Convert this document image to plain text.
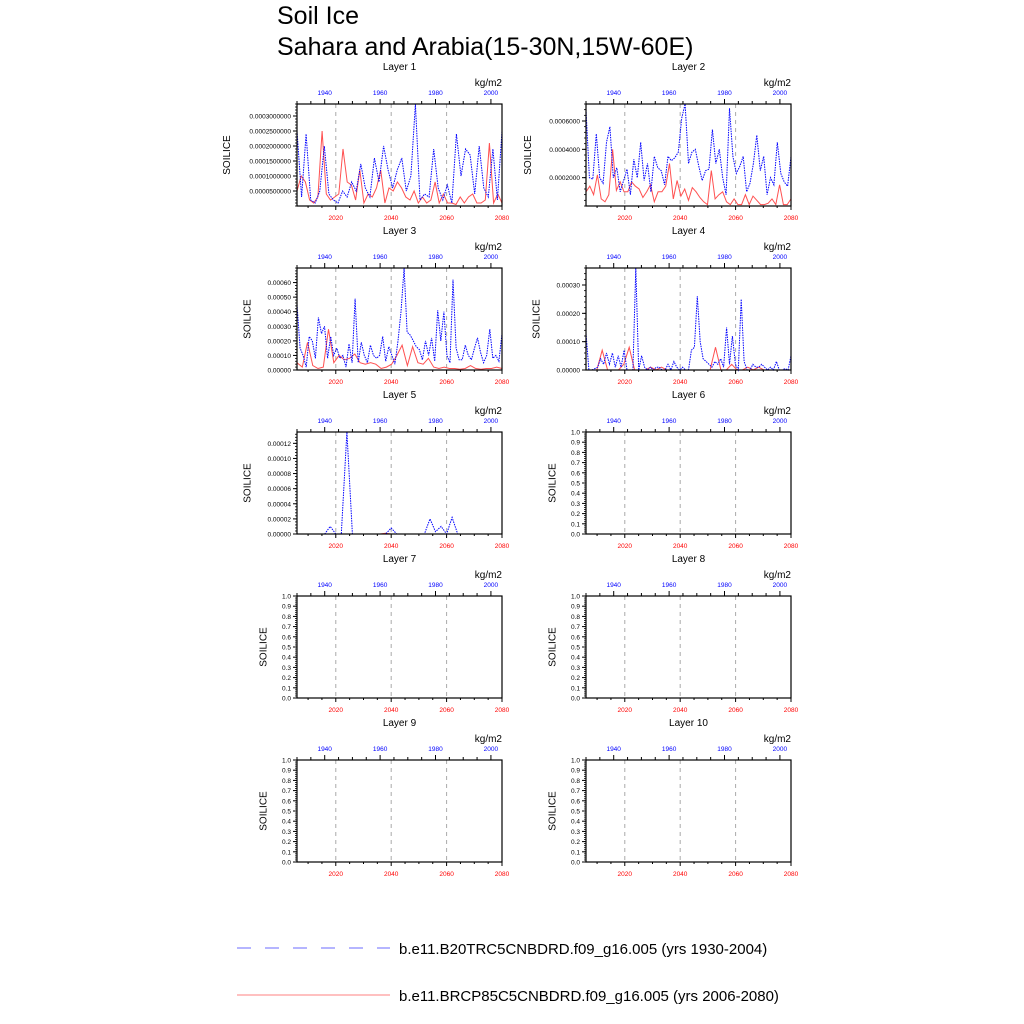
Soil Ice
Sahara and Arabia(15-30N,15W-60E)
Layer 1
kg/m2
1940	1960	1980	2000
2020	2040	2060	2080
0.0000500000
0.0001000000
0.0001500000
0.0002000000
0.0002500000
0.0003000000
SOILICE
Layer 2
kg/m2
1940	1960	1980	2000
2020	2040	2060	2080
0.0002000
0.0004000
0.0006000
SOILICE
Layer 3
kg/m2
1940	1960	1980	2000
2020	2040	2060	2080
0.00000
0.00010
0.00020
0.00030
0.00040
0.00050
0.00060
SOILICE
Layer 4
kg/m2
1940	1960	1980	2000
2020	2040	2060	2080
0.00000
0.00010
0.00020
0.00030
SOILICE
Layer 5
kg/m2
1940	1960	1980	2000
2020	2040	2060	2080
0.00000
0.00002
0.00004
0.00006
0.00008
0.00010
0.00012
SOILICE
Layer 6
kg/m2
1940	1960	1980	2000
2020	2040	2060	2080
0.0
0.1
0.2
0.3
0.4
0.5
0.6
0.7
0.8
0.9
1.0
SOILICE
Layer 7
kg/m2
1940	1960	1980	2000
2020	2040	2060	2080
0.0
0.1
0.2
0.3
0.4
0.5
0.6
0.7
0.8
0.9
1.0
SOILICE
Layer 8
kg/m2
1940	1960	1980	2000
2020	2040	2060	2080
0.0
0.1
0.2
0.3
0.4
0.5
0.6
0.7
0.8
0.9
1.0
SOILICE
Layer 9
kg/m2
1940	1960	1980	2000
2020	2040	2060	2080
0.0
0.1
0.2
0.3
0.4
0.5
0.6
0.7
0.8
0.9
1.0
SOILICE
Layer 10
kg/m2
1940	1960	1980	2000
2020	2040	2060	2080
0.0
0.1
0.2
0.3
0.4
0.5
0.6
0.7
0.8
0.9
1.0
SOILICE
b.e11.B20TRC5CNBDRD.f09_g16.005 (yrs 1930-2004)
b.e11.BRCP85C5CNBDRD.f09_g16.005 (yrs 2006-2080)
